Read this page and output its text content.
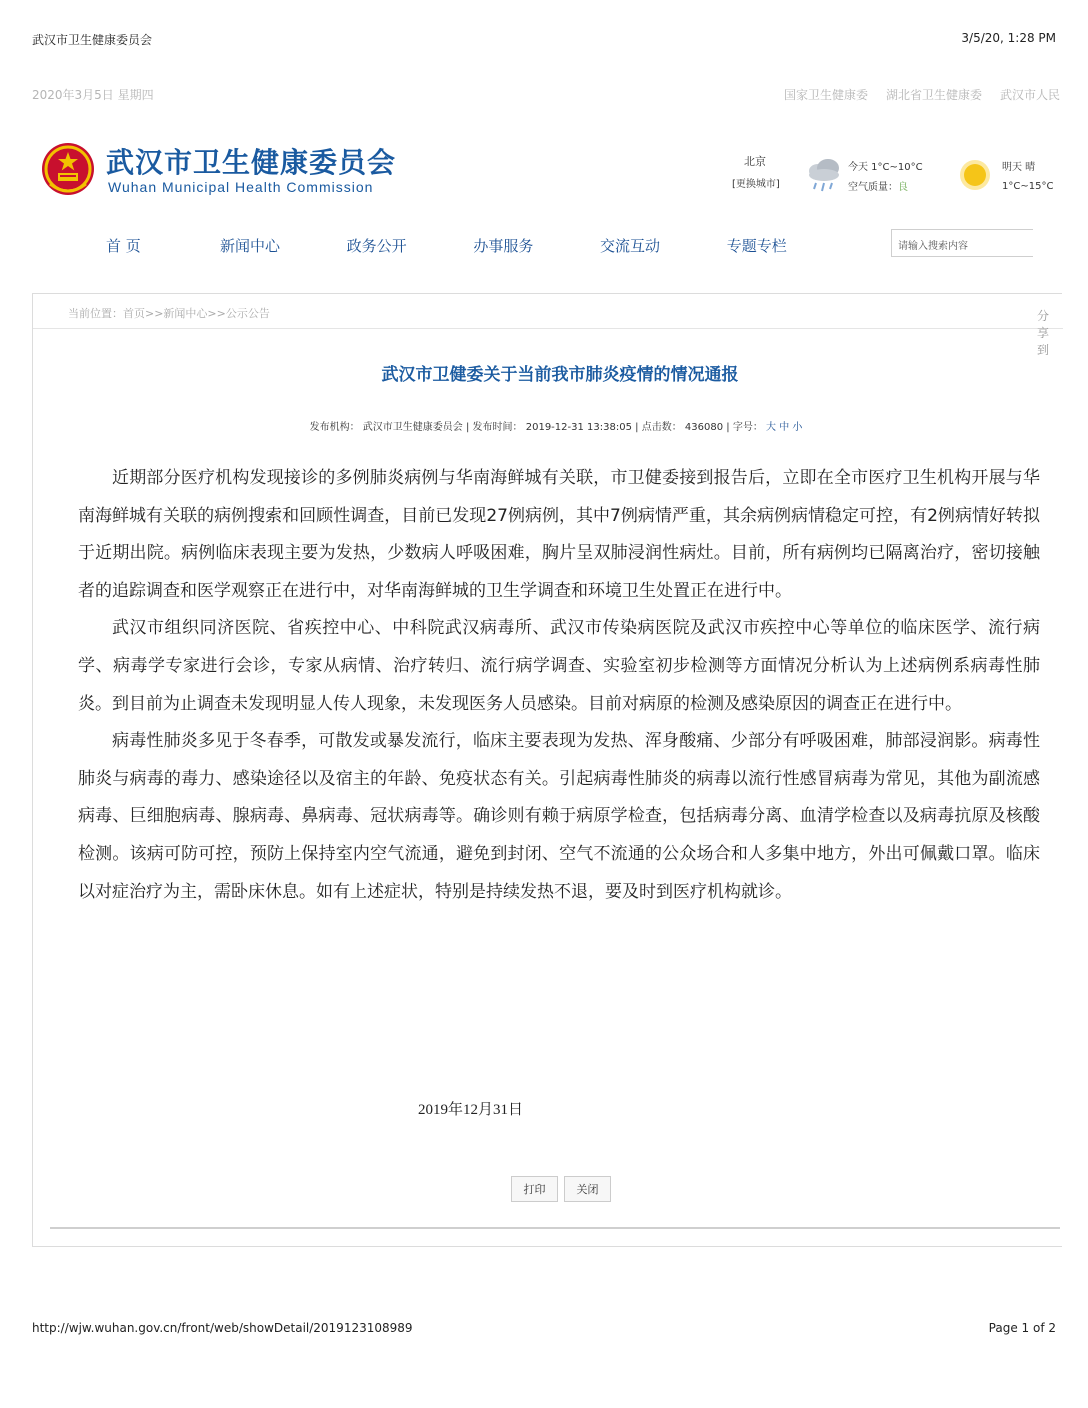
武汉市卫生健康委员会	3/5/20, 1:28 PM
2020年3月5日 星期四	国家卫生健康委 湖北省卫生健康委 武汉市人民
武汉市卫生健康委员会
Wuhan Municipal Health Commission
北京
[更换城市]
今天 1°C~10°C
空气质量：良
明天 晴
1°C~15°C
首 页	新闻中心	政务公开	办事服务	交流互动	专题专栏	请输入搜索内容
当前位置：首页>>新闻中心>>公示公告	分
享
到
武汉市卫健委关于当前我市肺炎疫情的情况通报
发布机构： 武汉市卫生健康委员会 | 发布时间： 2019-12-31 13:38:05 | 点击数： 436080 | 字号： 大 中 小

近期部分医疗机构发现接诊的多例肺炎病例与华南海鲜城有关联，市卫健委接到报告后，立即在全市医疗卫生机构开展与华南海鲜城有关联的病例搜索和回顾性调查，目前已发现27例病例，其中7例病情严重，其余病例病情稳定可控，有2例病情好转拟于近期出院。病例临床表现主要为发热，少数病人呼吸困难，胸片呈双肺浸润性病灶。目前，所有病例均已隔离治疗，密切接触者的追踪调查和医学观察正在进行中，对华南海鲜城的卫生学调查和环境卫生处置正在进行中。

武汉市组织同济医院、省疾控中心、中科院武汉病毒所、武汉市传染病医院及武汉市疾控中心等单位的临床医学、流行病学、病毒学专家进行会诊，专家从病情、治疗转归、流行病学调查、实验室初步检测等方面情况分析认为上述病例系病毒性肺炎。到目前为止调查未发现明显人传人现象，未发现医务人员感染。目前对病原的检测及感染原因的调查正在进行中。

病毒性肺炎多见于冬春季，可散发或暴发流行，临床主要表现为发热、浑身酸痛、少部分有呼吸困难，肺部浸润影。病毒性肺炎与病毒的毒力、感染途径以及宿主的年龄、免疫状态有关。引起病毒性肺炎的病毒以流行性感冒病毒为常见，其他为副流感病毒、巨细胞病毒、腺病毒、鼻病毒、冠状病毒等。确诊则有赖于病原学检查，包括病毒分离、血清学检查以及病毒抗原及核酸检测。该病可防可控，预防上保持室内空气流通，避免到封闭、空气不流通的公众场合和人多集中地方，外出可佩戴口罩。临床以对症治疗为主，需卧床休息。如有上述症状，特别是持续发热不退，要及时到医疗机构就诊。

2019年12月31日
打印	关闭
http://wjw.wuhan.gov.cn/front/web/showDetail/2019123108989	Page 1 of 2
